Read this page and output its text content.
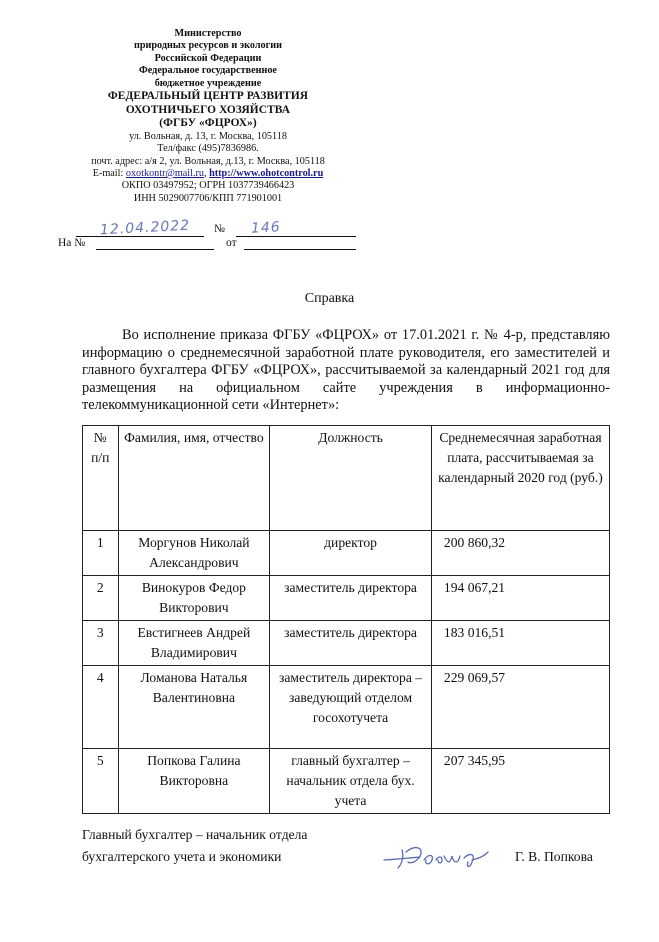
Министерство
природных ресурсов и экологии
Российской Федерации
Федеральное государственное
бюджетное учреждение
ФЕДЕРАЛЬНЫЙ ЦЕНТР РАЗВИТИЯ
ОХОТНИЧЬЕГО ХОЗЯЙСТВА
(ФГБУ «ФЦРОХ»)
ул. Вольная, д. 13, г. Москва, 105118
Тел/факс (495)7836986.
почт. адрес: а/я 2, ул. Вольная, д.13, г. Москва, 105118
E-mail: oxotkontr@mail.ru, http://www.ohotcontrol.ru
ОКПО 03497952; ОГРН 1037739466423
ИНН 5029007706/КПП 771901001
12.04.2022 № 146
На №	от
Справка
Во исполнение приказа ФГБУ «ФЦРОХ» от 17.01.2021 г. № 4-р, представляю информацию о среднемесячной заработной плате руководителя, его заместителей и главного бухгалтера ФГБУ «ФЦРОХ», рассчитываемой за календарный 2021 год для размещения на официальном сайте учреждения в информационно-телекоммуникационной сети «Интернет»:
№ п/п	Фамилия, имя, отчество	Должность	Среднемесячная заработная плата, рассчитываемая за календарный 2020 год (руб.)
1	Моргунов Николай Александрович	директор	200 860,32
2	Винокуров Федор Викторович	заместитель директора	194 067,21
3	Евстигнеев Андрей Владимирович	заместитель директора	183 016,51
4	Ломанова Наталья Валентиновна	заместитель директора – заведующий отделом госохотучета	229 069,57
5	Попкова Галина Викторовна	главный бухгалтер – начальник отдела бух. учета	207 345,95
Главный бухгалтер – начальник отдела
бухгалтерского учета и экономики	Г. В. Попкова
